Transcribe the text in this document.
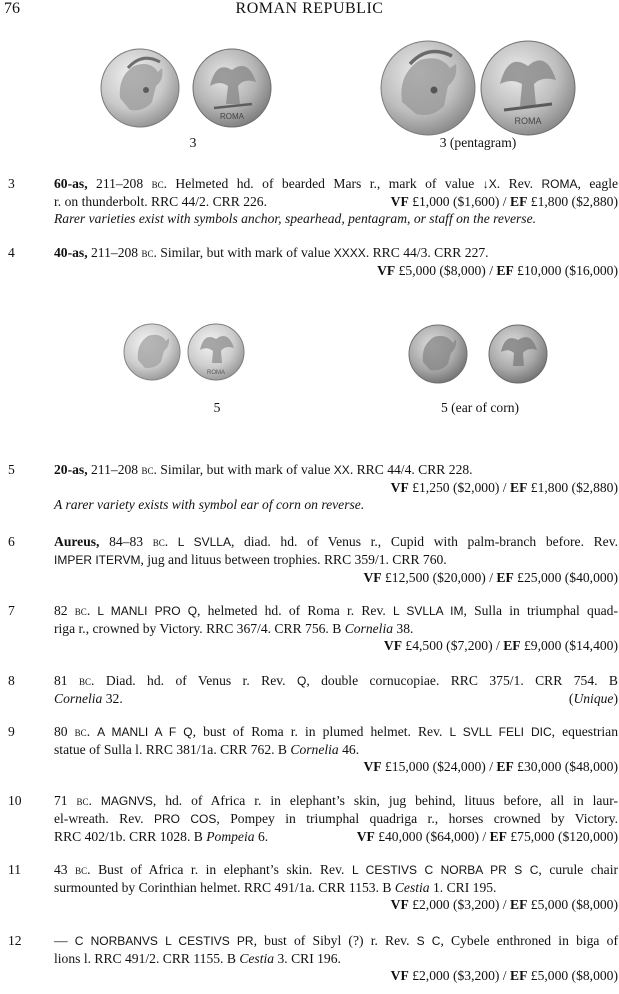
76	ROMAN REPUBLIC
ROMA
3
ROMA
3 (pentagram)
3	60-as, 211–208 bc. Helmeted hd. of bearded Mars r., mark of value ↓X. Rev. ROMA, eagle
r. on thunderbolt. RRC 44/2. CRR 226.	VF £1,000 ($1,600) / EF £1,800 ($2,880)
Rarer varieties exist with symbols anchor, spearhead, pentagram, or staff on the reverse.
4	40-as, 211–208 bc. Similar, but with mark of value XXXX. RRC 44/3. CRR 227.
VF £5,000 ($8,000) / EF £10,000 ($16,000)
ROMA
5	5 (ear of corn)
5	20-as, 211–208 bc. Similar, but with mark of value XX. RRC 44/4. CRR 228.
VF £1,250 ($2,000) / EF £1,800 ($2,880)
A rarer variety exists with symbol ear of corn on reverse.
6	Aureus, 84–83 bc. L SVLLA, diad. hd. of Venus r., Cupid with palm-branch before. Rev.
IMPER ITERVM, jug and lituus between trophies. RRC 359/1. CRR 760.
VF £12,500 ($20,000) / EF £25,000 ($40,000)
7	82 bc. L MANLI PRO Q, helmeted hd. of Roma r. Rev. L SVLLA IM, Sulla in triumphal quad-
riga r., crowned by Victory. RRC 367/4. CRR 756. B Cornelia 38.
VF £4,500 ($7,200) / EF £9,000 ($14,400)
8	81 bc. Diad. hd. of Venus r. Rev. Q, double cornucopiae. RRC 375/1. CRR 754. B
Cornelia 32.	(Unique)
9	80 bc. A MANLI A F Q, bust of Roma r. in plumed helmet. Rev. L SVLL FELI DIC, equestrian
statue of Sulla l. RRC 381/1a. CRR 762. B Cornelia 46.
VF £15,000 ($24,000) / EF £30,000 ($48,000)
10	71 bc. MAGNVS, hd. of Africa r. in elephant’s skin, jug behind, lituus before, all in laur-
el-wreath. Rev. PRO COS, Pompey in triumphal quadriga r., horses crowned by Victory.
RRC 402/1b. CRR 1028. B Pompeia 6.	VF £40,000 ($64,000) / EF £75,000 ($120,000)
11	43 bc. Bust of Africa r. in elephant’s skin. Rev. L CESTIVS C NORBA PR S C, curule chair
surmounted by Corinthian helmet. RRC 491/1a. CRR 1153. B Cestia 1. CRI 195.
VF £2,000 ($3,200) / EF £5,000 ($8,000)
12	— C NORBANVS L CESTIVS PR, bust of Sibyl (?) r. Rev. S C, Cybele enthroned in biga of
lions l. RRC 491/2. CRR 1155. B Cestia 3. CRI 196.
VF £2,000 ($3,200) / EF £5,000 ($8,000)
